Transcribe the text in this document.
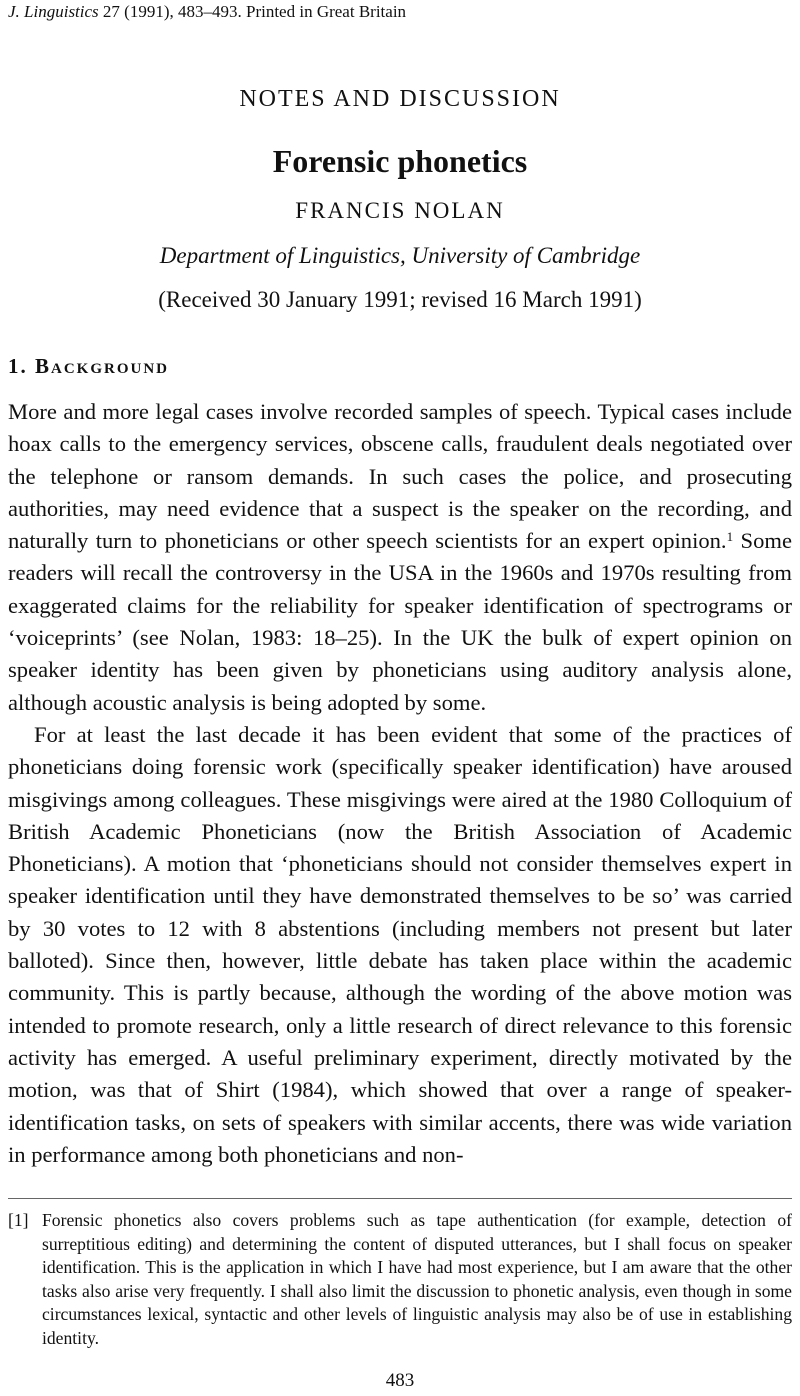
J. Linguistics 27 (1991), 483–493. Printed in Great Britain
NOTES AND DISCUSSION
Forensic phonetics
FRANCIS NOLAN
Department of Linguistics, University of Cambridge
(Received 30 January 1991; revised 16 March 1991)
1. Background

More and more legal cases involve recorded samples of speech. Typical cases include hoax calls to the emergency services, obscene calls, fraudulent deals negotiated over the telephone or ransom demands. In such cases the police, and prosecuting authorities, may need evidence that a suspect is the speaker on the recording, and naturally turn to phoneticians or other speech scientists for an expert opinion.$^1$ Some readers will recall the controversy in the USA in the 1960s and 1970s resulting from exaggerated claims for the reliability for speaker identification of spectrograms or ‘voiceprints’ (see Nolan, 1983: 18–25). In the UK the bulk of expert opinion on speaker identity has been given by phoneticians using auditory analysis alone, although acoustic analysis is being adopted by some.

For at least the last decade it has been evident that some of the practices of phoneticians doing forensic work (specifically speaker identification) have aroused misgivings among colleagues. These misgivings were aired at the 1980 Colloquium of British Academic Phoneticians (now the British Association of Academic Phoneticians). A motion that ‘phoneticians should not consider themselves expert in speaker identification until they have demonstrated themselves to be so’ was carried by 30 votes to 12 with 8 abstentions (including members not present but later balloted). Since then, however, little debate has taken place within the academic community. This is partly because, although the wording of the above motion was intended to promote research, only a little research of direct relevance to this forensic activity has emerged. A useful preliminary experiment, directly motivated by the motion, was that of Shirt (1984), which showed that over a range of speaker-identification tasks, on sets of speakers with similar accents, there was wide variation in performance among both phoneticians and non-

[1] Forensic phonetics also covers problems such as tape authentication (for example, detection of surreptitious editing) and determining the content of disputed utterances, but I shall focus on speaker identification. This is the application in which I have had most experience, but I am aware that the other tasks also arise very frequently. I shall also limit the discussion to phonetic analysis, even though in some circumstances lexical, syntactic and other levels of linguistic analysis may also be of use in establishing identity.
483
